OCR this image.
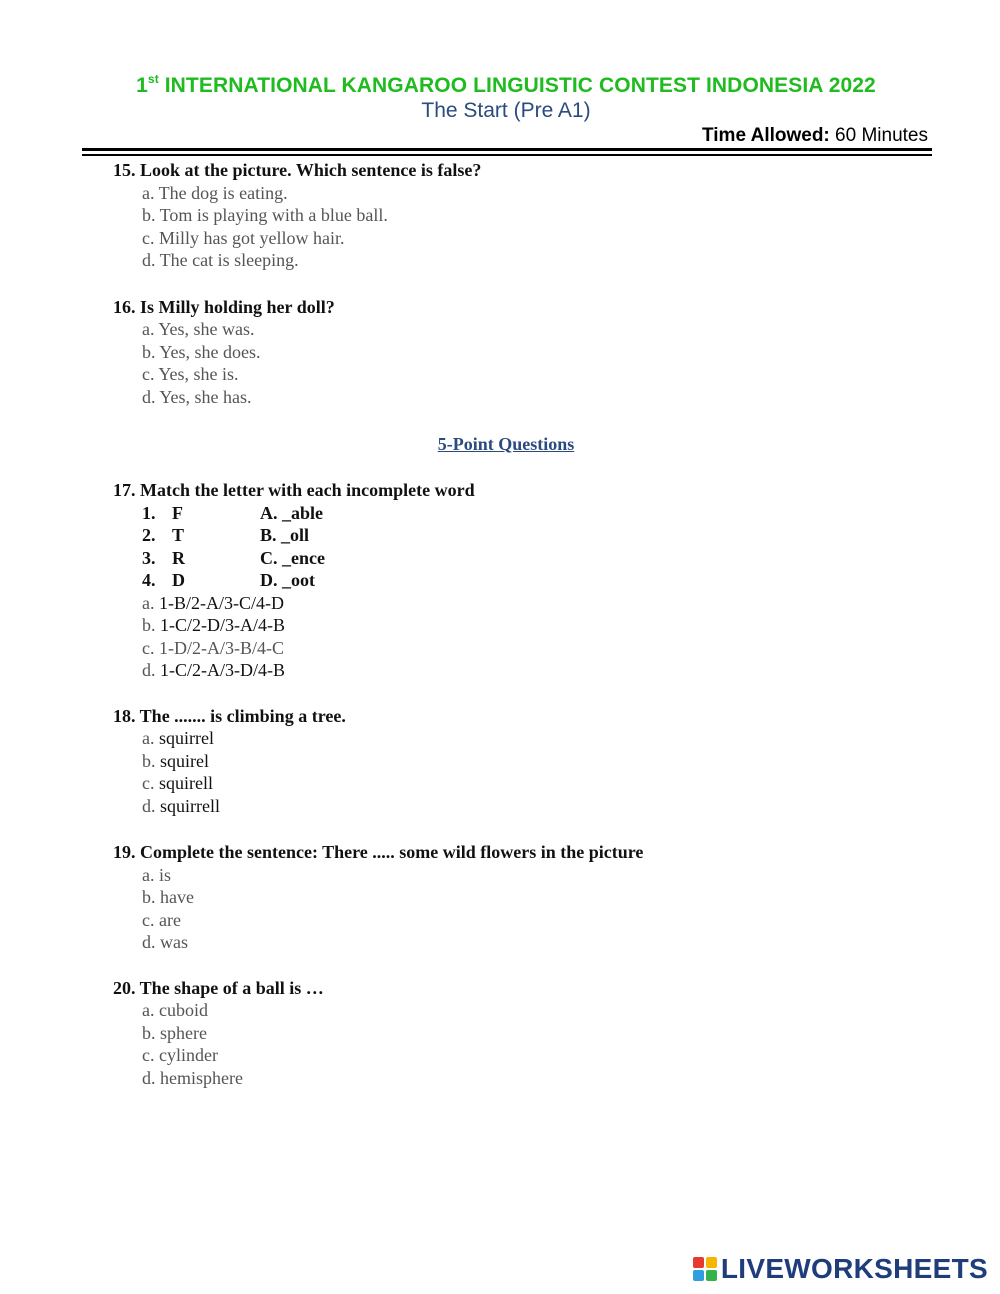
1st INTERNATIONAL KANGAROO LINGUISTIC CONTEST INDONESIA 2022
The Start (Pre A1)
Time Allowed: 60 Minutes
15. Look at the picture. Which sentence is false?
a. The dog is eating.
b. Tom is playing with a blue ball.
c. Milly has got yellow hair.
d. The cat is sleeping.
16. Is Milly holding her doll?
a. Yes, she was.
b. Yes, she does.
c. Yes, she is.
d. Yes, she has.
5-Point Questions
17. Match the letter with each incomplete word
1. F	A. _able
2. T	B. _oll
3. R	C. _ence
4. D	D. _oot
a. 1-B/2-A/3-C/4-D
b. 1-C/2-D/3-A/4-B
c. 1-D/2-A/3-B/4-C
d. 1-C/2-A/3-D/4-B
18. The ....... is climbing a tree.
a. squirrel
b. squirel
c. squirell
d. squirrell
19. Complete the sentence: There ..... some wild flowers in the picture
a. is
b. have
c. are
d. was
20. The shape of a ball is …
a. cuboid
b. sphere
c. cylinder
d. hemisphere
LIVEWORKSHEETS
